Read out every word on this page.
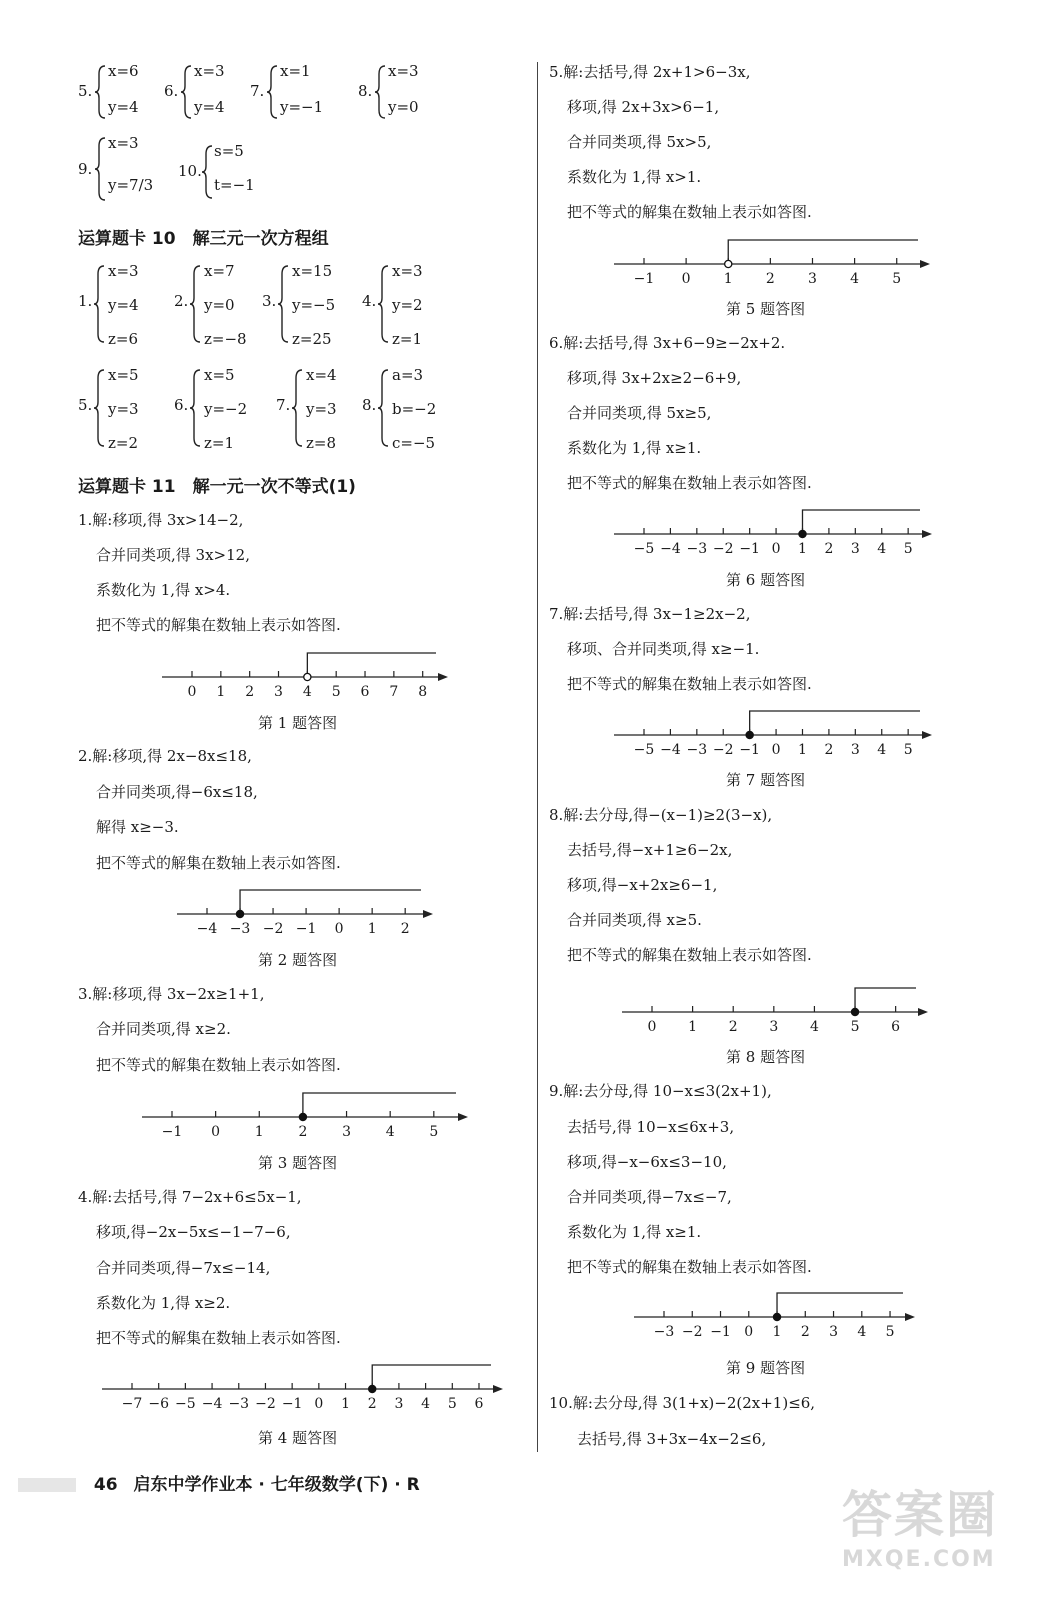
5.
x=6
y=4
6.
x=3
y=4
7.
x=1
y=−1
8.
x=3
y=0
9.
x=3
y=7/3
10.
s=5
t=−1
运算题卡 10　解三元一次方程组
1.
x=3
y=4
z=6
2.
x=7
y=0
z=−8
3.
x=15
y=−5
z=25
4.
x=3
y=2
z=1
5.
x=5
y=3
z=2
6.
x=5
y=−2
z=1
7.
x=4
y=3
z=8
8.
a=3
b=−2
c=−5
运算题卡 11　解一元一次不等式(1)
1.解:移项,得 3x>14−2,
合并同类项,得 3x>12,
系数化为 1,得 x>4.
把不等式的解集在数轴上表示如答图.
0 1 2 3 4 5 6 7 8
第 1 题答图
2.解:移项,得 2x−8x≤18,
合并同类项,得−6x≤18,
解得 x≥−3.
把不等式的解集在数轴上表示如答图.
−4 −3 −2 −1 0 1 2
第 2 题答图
3.解:移项,得 3x−2x≥1+1,
合并同类项,得 x≥2.
把不等式的解集在数轴上表示如答图.
−1 0 1 2 3 4 5
第 3 题答图
4.解:去括号,得 7−2x+6≤5x−1,
移项,得−2x−5x≤−1−7−6,
合并同类项,得−7x≤−14,
系数化为 1,得 x≥2.
把不等式的解集在数轴上表示如答图.
−7 −6 −5 −4 −3 −2 −1 0 1 2 3 4 5 6
第 4 题答图
5.解:去括号,得 2x+1>6−3x,
移项,得 2x+3x>6−1,
合并同类项,得 5x>5,
系数化为 1,得 x>1.
把不等式的解集在数轴上表示如答图.
−1 0 1 2 3 4 5
第 5 题答图
6.解:去括号,得 3x+6−9≥−2x+2.
移项,得 3x+2x≥2−6+9,
合并同类项,得 5x≥5,
系数化为 1,得 x≥1.
把不等式的解集在数轴上表示如答图.
−5 −4 −3 −2 −1 0 1 2 3 4 5
第 6 题答图
7.解:去括号,得 3x−1≥2x−2,
移项、合并同类项,得 x≥−1.
把不等式的解集在数轴上表示如答图.
−5 −4 −3 −2 −1 0 1 2 3 4 5
第 7 题答图
8.解:去分母,得−(x−1)≥2(3−x),
去括号,得−x+1≥6−2x,
移项,得−x+2x≥6−1,
合并同类项,得 x≥5.
把不等式的解集在数轴上表示如答图.
0 1 2 3 4 5 6
第 8 题答图
9.解:去分母,得 10−x≤3(2x+1),
去括号,得 10−x≤6x+3,
移项,得−x−6x≤3−10,
合并同类项,得−7x≤−7,
系数化为 1,得 x≥1.
把不等式的解集在数轴上表示如答图.
−3 −2 −1 0 1 2 3 4 5
第 9 题答图
10.解:去分母,得 3(1+x)−2(2x+1)≤6,
去括号,得 3+3x−4x−2≤6,
46 启东中学作业本 · 七年级数学(下) · R
答案圈
MXQE.COM
